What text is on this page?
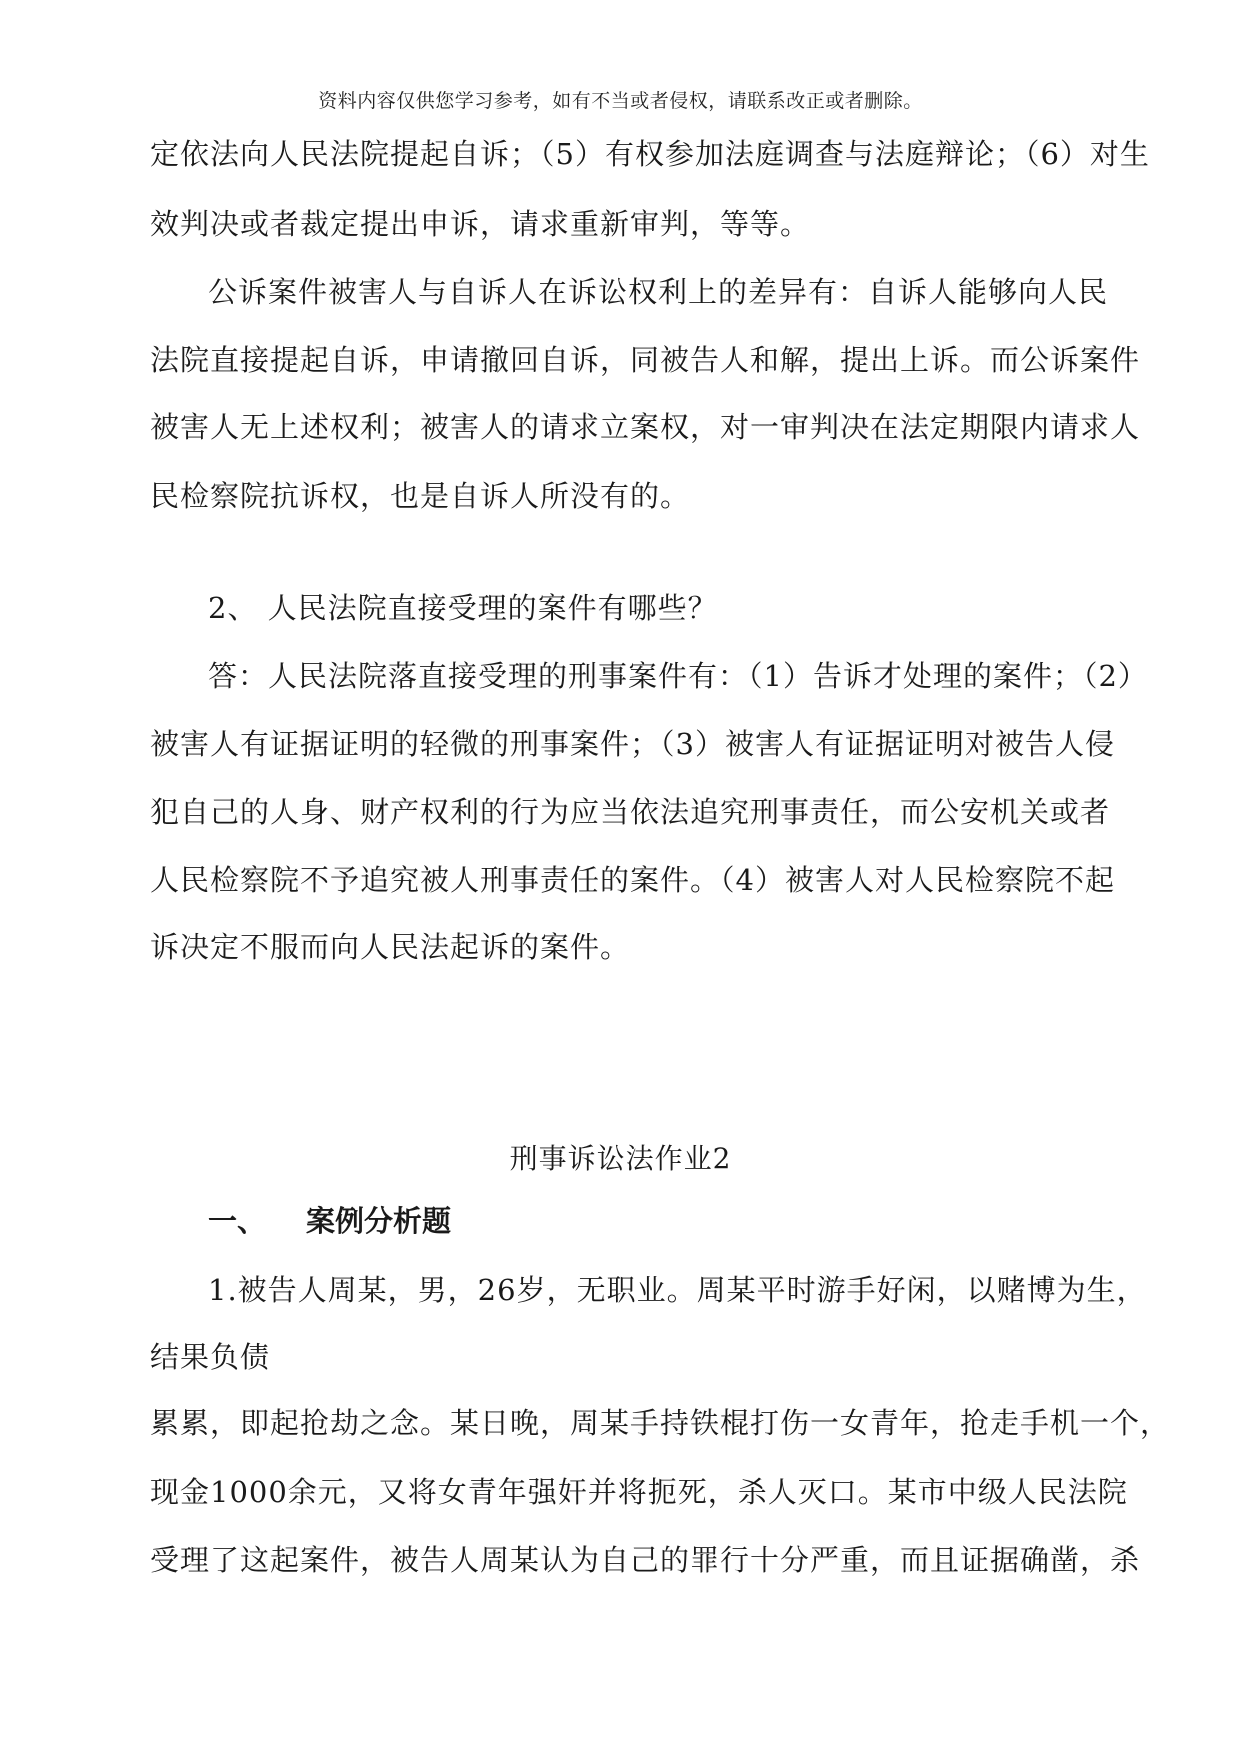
资料内容仅供您学习参考，如有不当或者侵权，请联系改正或者删除。
定依法向人民法院提起自诉；（5）有权参加法庭调查与法庭辩论；（6）对生
效判决或者裁定提出申诉，请求重新审判，等等。
公诉案件被害人与自诉人在诉讼权利上的差异有：自诉人能够向人民
法院直接提起自诉，申请撤回自诉，同被告人和解，提出上诉。而公诉案件
被害人无上述权利；被害人的请求立案权，对一审判决在法定期限内请求人
民检察院抗诉权，也是自诉人所没有的。
2、 人民法院直接受理的案件有哪些？
答：人民法院落直接受理的刑事案件有：（1）告诉才处理的案件；（2）
被害人有证据证明的轻微的刑事案件；（3）被害人有证据证明对被告人侵
犯自己的人身、财产权利的行为应当依法追究刑事责任，而公安机关或者
人民检察院不予追究被人刑事责任的案件。（4）被害人对人民检察院不起
诉决定不服而向人民法起诉的案件。
刑事诉讼法作业2
一、 案例分析题
1.被告人周某，男，26岁，无职业。周某平时游手好闲，以赌博为生，
结果负债
累累，即起抢劫之念。某日晚，周某手持铁棍打伤一女青年，抢走手机一个，
现金1000余元，又将女青年强奸并将扼死，杀人灭口。某市中级人民法院
受理了这起案件，被告人周某认为自己的罪行十分严重，而且证据确凿，杀
